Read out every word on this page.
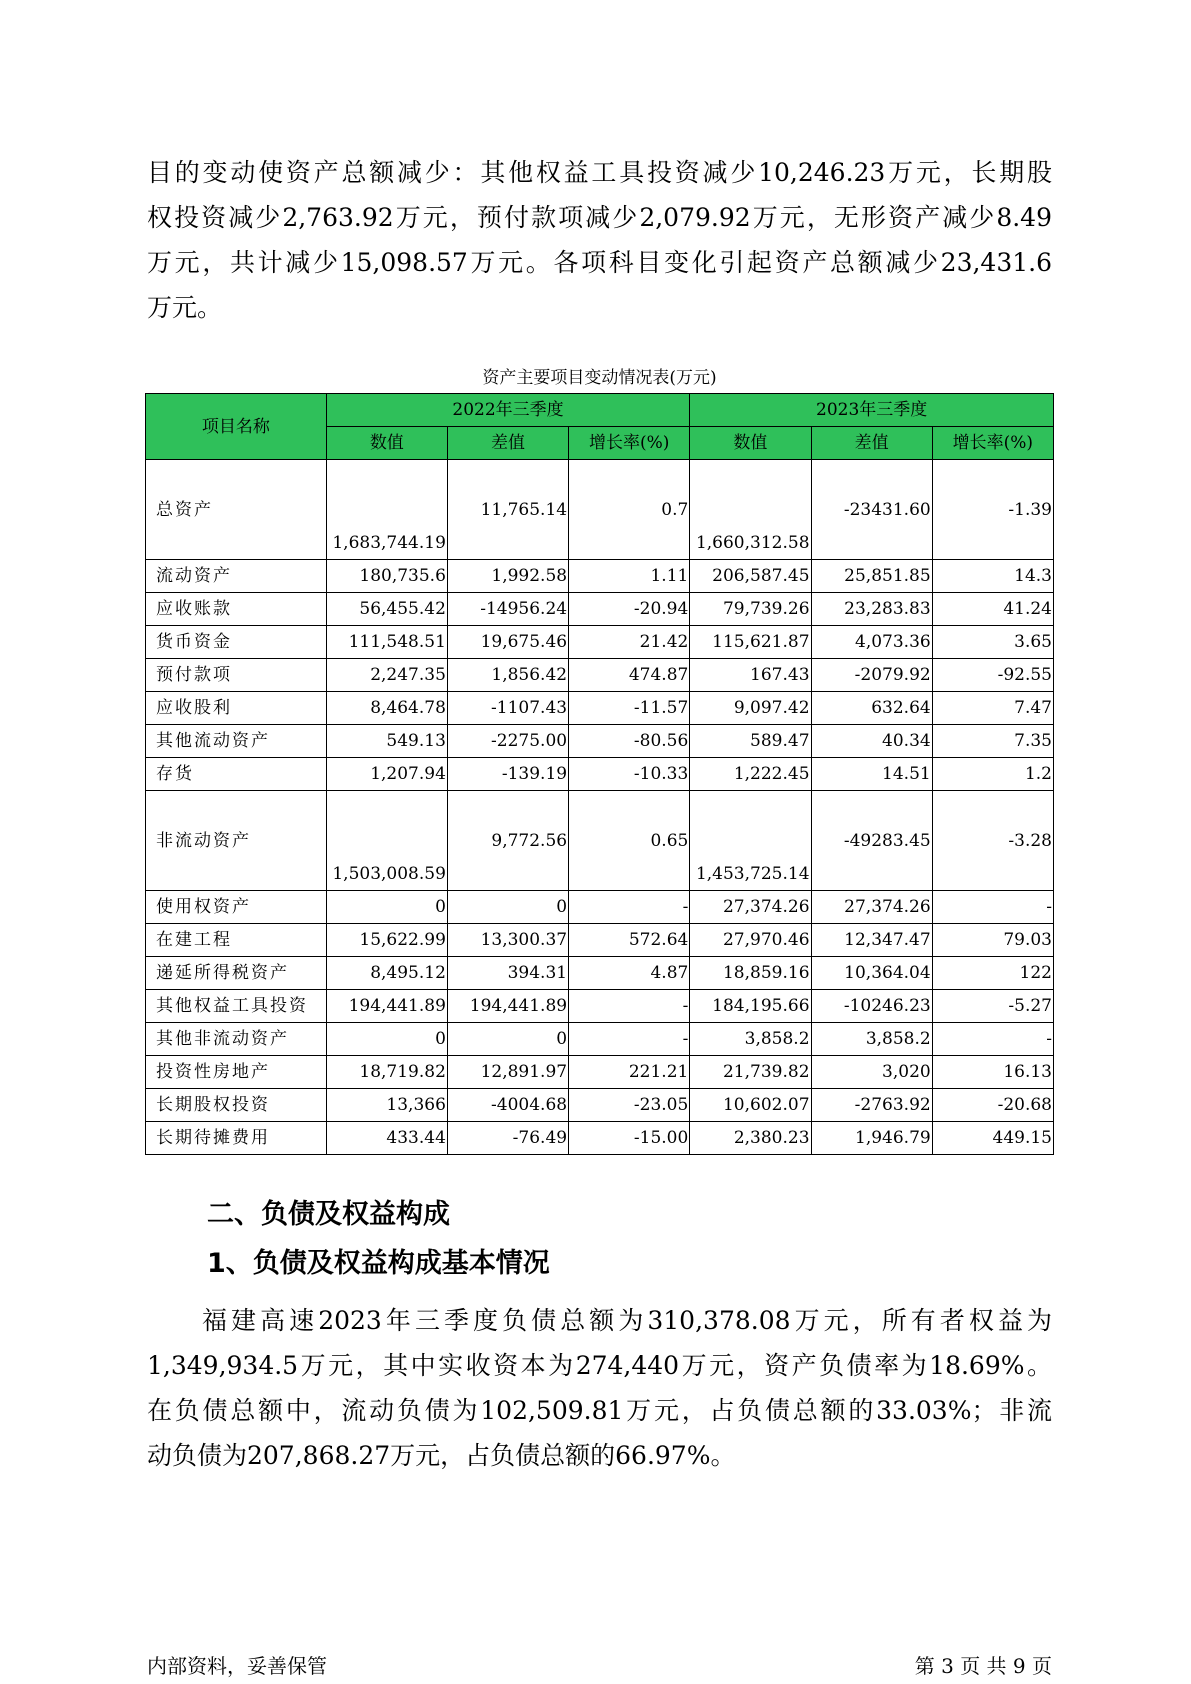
目的变动使资产总额减少：其他权益工具投资减少10,246.23万元，长期股
权投资减少2,763.92万元，预付款项减少2,079.92万元，无形资产减少8.49
万元，共计减少15,098.57万元。各项科目变化引起资产总额减少23,431.6
万元。

资产主要项目变动情况表(万元)
项目名称	2022年三季度			2023年三季度		
	数值	差值	增长率(%)	数值	差值	增长率(%)
总资产	1,683,744.19	11,765.14	0.7	1,660,312.58	-23431.60	-1.39
流动资产	180,735.6	1,992.58	1.11	206,587.45	25,851.85	14.3
应收账款	56,455.42	-14956.24	-20.94	79,739.26	23,283.83	41.24
货币资金	111,548.51	19,675.46	21.42	115,621.87	4,073.36	3.65
预付款项	2,247.35	1,856.42	474.87	167.43	-2079.92	-92.55
应收股利	8,464.78	-1107.43	-11.57	9,097.42	632.64	7.47
其他流动资产	549.13	-2275.00	-80.56	589.47	40.34	7.35
存货	1,207.94	-139.19	-10.33	1,222.45	14.51	1.2
非流动资产	1,503,008.59	9,772.56	0.65	1,453,725.14	-49283.45	-3.28
使用权资产	0	0	-	27,374.26	27,374.26	-
在建工程	15,622.99	13,300.37	572.64	27,970.46	12,347.47	79.03
递延所得税资产	8,495.12	394.31	4.87	18,859.16	10,364.04	122
其他权益工具投资	194,441.89	194,441.89	-	184,195.66	-10246.23	-5.27
其他非流动资产	0	0	-	3,858.2	3,858.2	-
投资性房地产	18,719.82	12,891.97	221.21	21,739.82	3,020	16.13
长期股权投资	13,366	-4004.68	-23.05	10,602.07	-2763.92	-20.68
长期待摊费用	433.44	-76.49	-15.00	2,380.23	1,946.79	449.15
二、负债及权益构成
1、负债及权益构成基本情况

福建高速2023年三季度负债总额为310,378.08万元，所有者权益为
1,349,934.5万元，其中实收资本为274,440万元，资产负债率为18.69%。
在负债总额中，流动负债为102,509.81万元，占负债总额的33.03%；非流
动负债为207,868.27万元，占负债总额的66.97%。

内部资料，妥善保管	第 3 页 共 9 页
